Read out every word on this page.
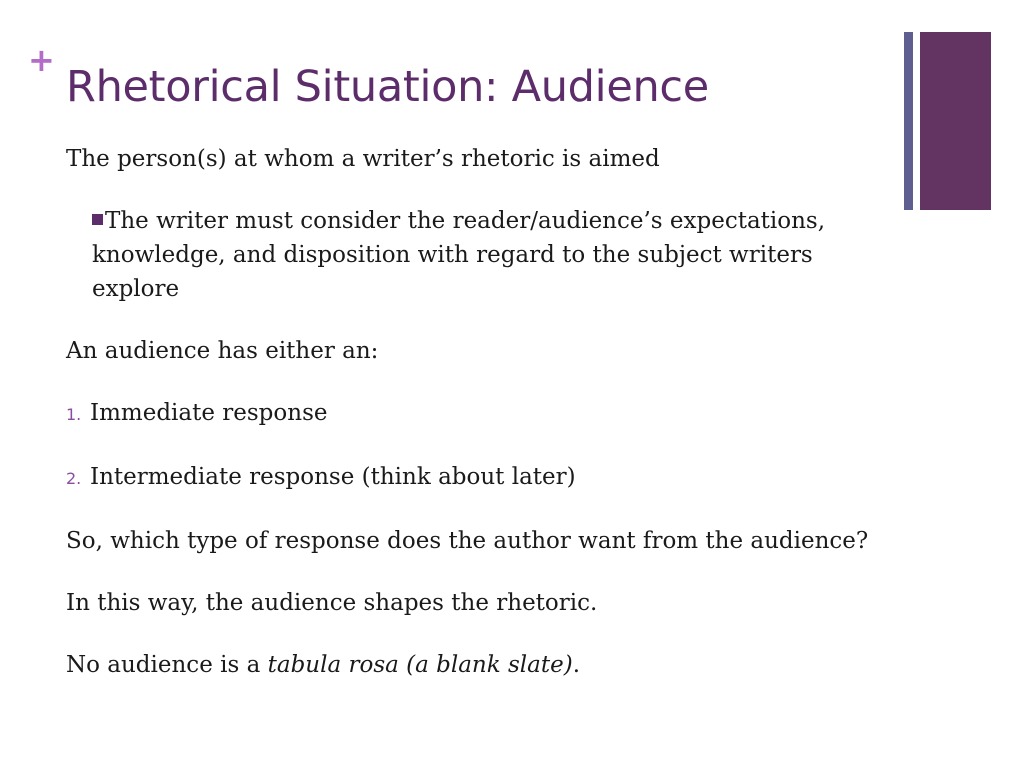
+
Rhetorical Situation: Audience
The person(s) at whom a writer’s rhetoric is aimed
The writer must consider the reader/audience’s expectations, knowledge, and disposition with regard to the subject writers explore
An audience has either an:
1. Immediate response
2. Intermediate response (think about later)
So, which type of response does the author want from the audience?
In this way, the audience shapes the rhetoric.
No audience is a tabula rosa (a blank slate).
